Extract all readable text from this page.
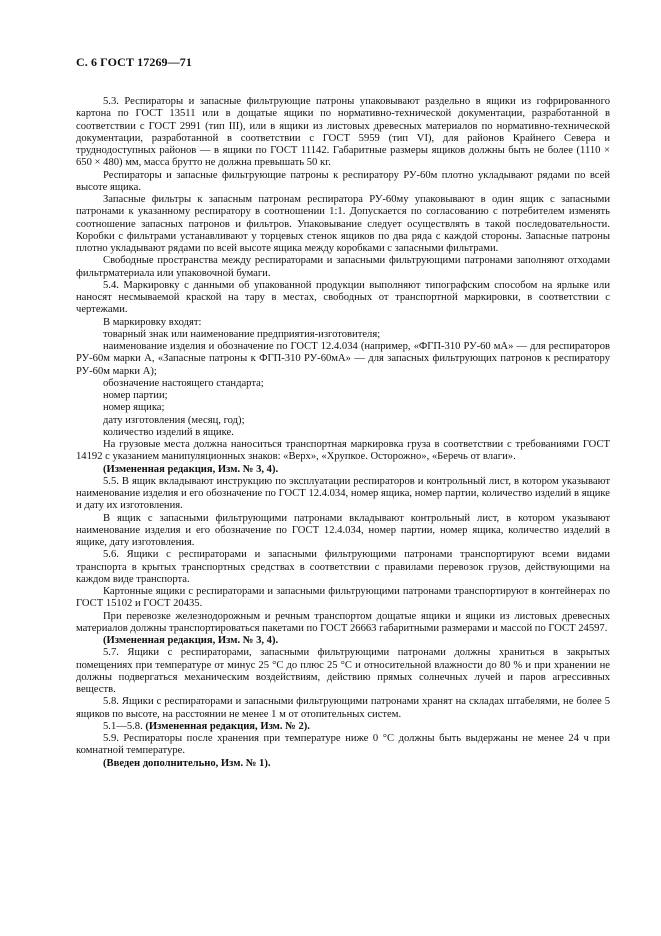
С. 6 ГОСТ 17269—71

5.3. Респираторы и запасные фильтрующие патроны упаковывают раздельно в ящики из гофрированного картона по ГОСТ 13511 или в дощатые ящики по нормативно-технической документации, разработанной в соответствии с ГОСТ 2991 (тип III), или в ящики из листовых древесных материалов по нормативно-технической документации, разработанной в соответствии с ГОСТ 5959 (тип VI), для районов Крайнего Севера и труднодоступных районов — в ящики по ГОСТ 11142. Габаритные размеры ящиков должны быть не более (1110 × 650 × 480) мм, масса брутто не должна превышать 50 кг.

Респираторы и запасные фильтрующие патроны к респиратору РУ-60м плотно укладывают рядами по всей высоте ящика.

Запасные фильтры к запасным патронам респиратора РУ-60му упаковывают в один ящик с запасными патронами к указанному респиратору в соотношении 1:1. Допускается по согласованию с потребителем изменять соотношение запасных патронов и фильтров. Упаковывание следует осуществлять в такой последовательности. Коробки с фильтрами устанавливают у торцевых стенок ящиков по два ряда с каждой стороны. Запасные патроны плотно укладывают рядами по всей высоте ящика между коробками с запасными фильтрами.

Свободные пространства между респираторами и запасными фильтрующими патронами заполняют отходами фильтрматериала или упаковочной бумаги.

5.4. Маркировку с данными об упакованной продукции выполняют типографским способом на ярлыке или наносят несмываемой краской на тару в местах, свободных от транспортной маркировки, в соответствии с чертежами.

В маркировку входят:

товарный знак или наименование предприятия-изготовителя;

наименование изделия и обозначение по ГОСТ 12.4.034 (например, «ФГП-310 РУ-60 мА» — для респираторов РУ-60м марки А, «Запасные патроны к ФГП-310 РУ-60мА» — для запасных фильтрующих патронов к респиратору РУ-60м марки А);

обозначение настоящего стандарта;

номер партии;

номер ящика;

дату изготовления (месяц, год);

количество изделий в ящике.

На грузовые места должна наноситься транспортная маркировка груза в соответствии с требованиями ГОСТ 14192 с указанием манипуляционных знаков: «Верх», «Хрупкое. Осторожно», «Беречь от влаги».

(Измененная редакция, Изм. № 3, 4).

5.5. В ящик вкладывают инструкцию по эксплуатации респираторов и контрольный лист, в котором указывают наименование изделия и его обозначение по ГОСТ 12.4.034, номер ящика, номер партии, количество изделий в ящике и дату их изготовления.

В ящик с запасными фильтрующими патронами вкладывают контрольный лист, в котором указывают наименование изделия и его обозначение по ГОСТ 12.4.034, номер партии, номер ящика, количество изделий в ящике, дату изготовления.

5.6. Ящики с респираторами и запасными фильтрующими патронами транспортируют всеми видами транспорта в крытых транспортных средствах в соответствии с правилами перевозок грузов, действующими на каждом виде транспорта.

Картонные ящики с респираторами и запасными фильтрующими патронами транспортируют в контейнерах по ГОСТ 15102 и ГОСТ 20435.

При перевозке железнодорожным и речным транспортом дощатые ящики и ящики из листовых древесных материалов должны транспортироваться пакетами по ГОСТ 26663 габаритными размерами и массой по ГОСТ 24597.

(Измененная редакция, Изм. № 3, 4).

5.7. Ящики с респираторами, запасными фильтрующими патронами должны храниться в закрытых помещениях при температуре от минус 25 °С до плюс 25 °С и относительной влажности до 80 % и при хранении не должны подвергаться механическим воздействиям, действию прямых солнечных лучей и паров агрессивных веществ.

5.8. Ящики с респираторами и запасными фильтрующими патронами хранят на складах штабелями, не более 5 ящиков по высоте, на расстоянии не менее 1 м от отопительных систем.

5.1—5.8. (Измененная редакция, Изм. № 2).

5.9. Респираторы после хранения при температуре ниже 0 °С должны быть выдержаны не менее 24 ч при комнатной температуре.

(Введен дополнительно, Изм. № 1).
